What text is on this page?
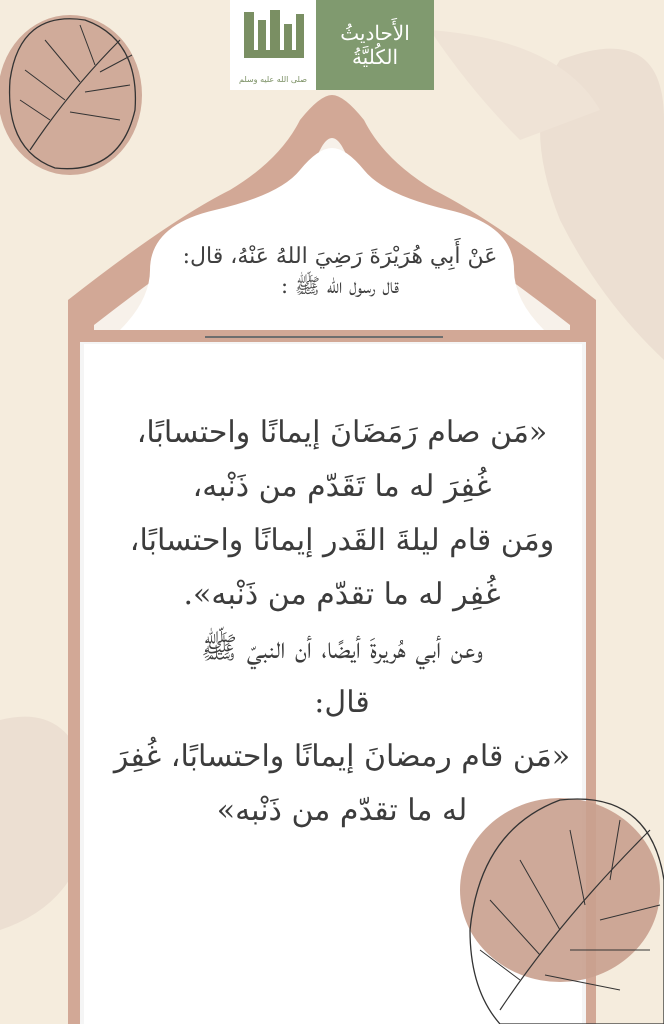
صلى الله عليه وسلم
الأَحاديثُ
الكُليَّةُ
عَنْ أَبِي هُرَيْرَةَ رَضِيَ اللهُ عَنْهُ، قال:
قال رسول الله ﷺ :
«مَن صام رَمَضَانَ إيمانًا واحتسابًا،
غُفِرَ له ما تَقَدّم من ذَنْبه،
ومَن قام ليلةَ القَدر إيمانًا واحتسابًا،
غُفِر له ما تقدّم من ذَنْبه».
وعن أبي هُريرةَ أيضًا، أن النبيّ ﷺ
قال:
«مَن قام رمضانَ إيمانًا واحتسابًا، غُفِرَ
له ما تقدّم من ذَنْبه»
